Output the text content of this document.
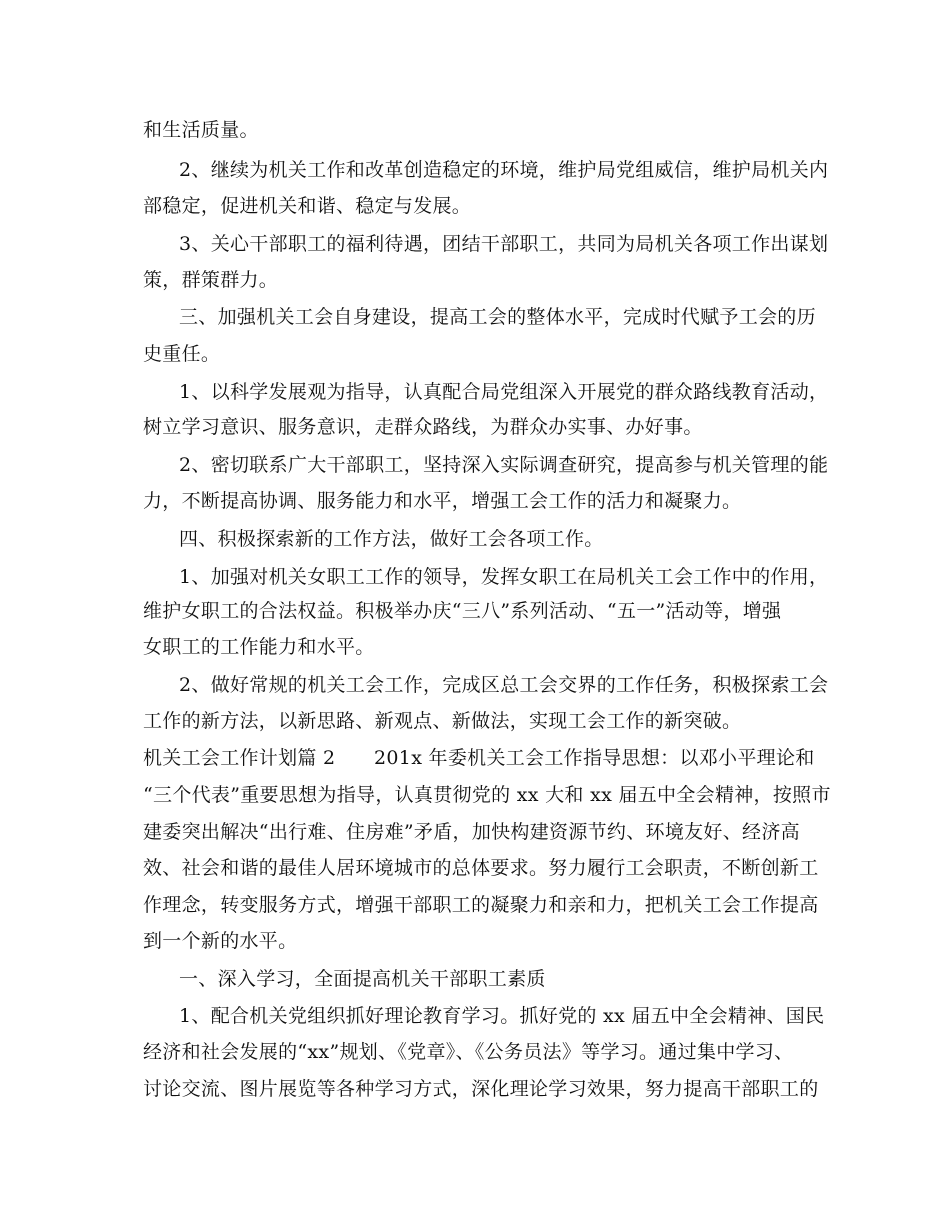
和生活质量。
2、继续为机关工作和改革创造稳定的环境，维护局党组威信，维护局机关内
部稳定，促进机关和谐、稳定与发展。
3、关心干部职工的福利待遇，团结干部职工，共同为局机关各项工作出谋划
策，群策群力。
三、加强机关工会自身建设，提高工会的整体水平，完成时代赋予工会的历
史重任。
1、以科学发展观为指导，认真配合局党组深入开展党的群众路线教育活动，
树立学习意识、服务意识，走群众路线，为群众办实事、办好事。
2、密切联系广大干部职工，坚持深入实际调查研究，提高参与机关管理的能
力，不断提高协调、服务能力和水平，增强工会工作的活力和凝聚力。
四、积极探索新的工作方法，做好工会各项工作。
1、加强对机关女职工工作的领导，发挥女职工在局机关工会工作中的作用，
维护女职工的合法权益。积极举办庆“三八”系列活动、“五一”活动等，增强
女职工的工作能力和水平。
2、做好常规的机关工会工作，完成区总工会交界的工作任务，积极探索工会
工作的新方法，以新思路、新观点、新做法，实现工会工作的新突破。
机关工会工作计划篇 2　　201x 年委机关工会工作指导思想：以邓小平理论和
“三个代表”重要思想为指导，认真贯彻党的 xx 大和 xx 届五中全会精神，按照市
建委突出解决“出行难、住房难”矛盾，加快构建资源节约、环境友好、经济高
效、社会和谐的最佳人居环境城市的总体要求。努力履行工会职责，不断创新工
作理念，转变服务方式，增强干部职工的凝聚力和亲和力，把机关工会工作提高
到一个新的水平。
一、深入学习，全面提高机关干部职工素质
1、配合机关党组织抓好理论教育学习。抓好党的 xx 届五中全会精神、国民
经济和社会发展的“xx”规划、《党章》、《公务员法》等学习。通过集中学习、
讨论交流、图片展览等各种学习方式，深化理论学习效果，努力提高干部职工的
